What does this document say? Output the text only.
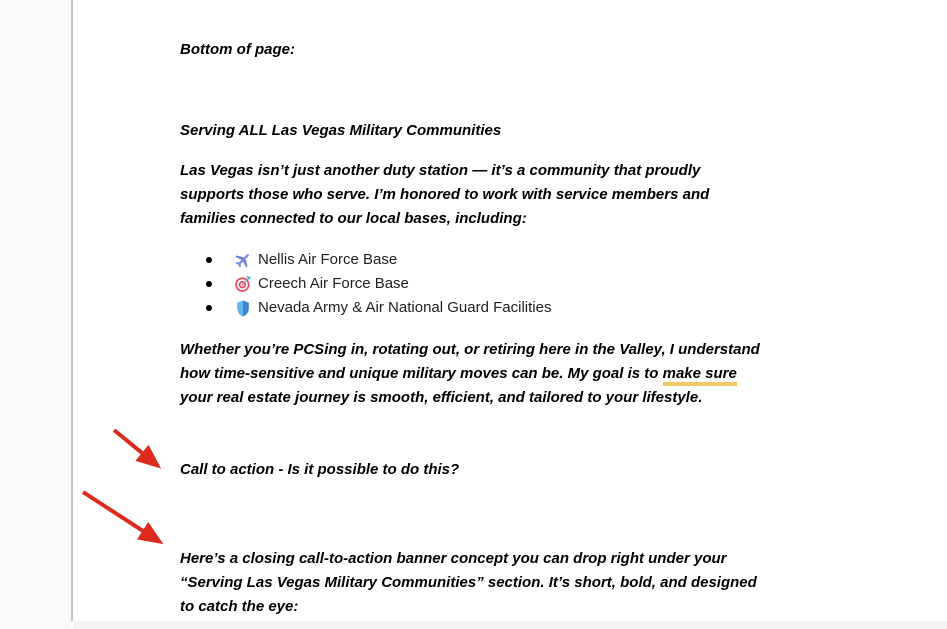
Bottom of page:
Serving ALL Las Vegas Military Communities
Las Vegas isn’t just another duty station — it’s a community that proudly
supports those who serve. I’m honored to work with service members and
families connected to our local bases, including:
Nellis Air Force Base
Creech Air Force Base
Nevada Army & Air National Guard Facilities
Whether you’re PCSing in, rotating out, or retiring here in the Valley, I understand
how time-sensitive and unique military moves can be. My goal is to make sure
your real estate journey is smooth, efficient, and tailored to your lifestyle.
Call to action - Is it possible to do this?
Here’s a closing call-to-action banner concept you can drop right under your
“Serving Las Vegas Military Communities” section. It’s short, bold, and designed
to catch the eye:
